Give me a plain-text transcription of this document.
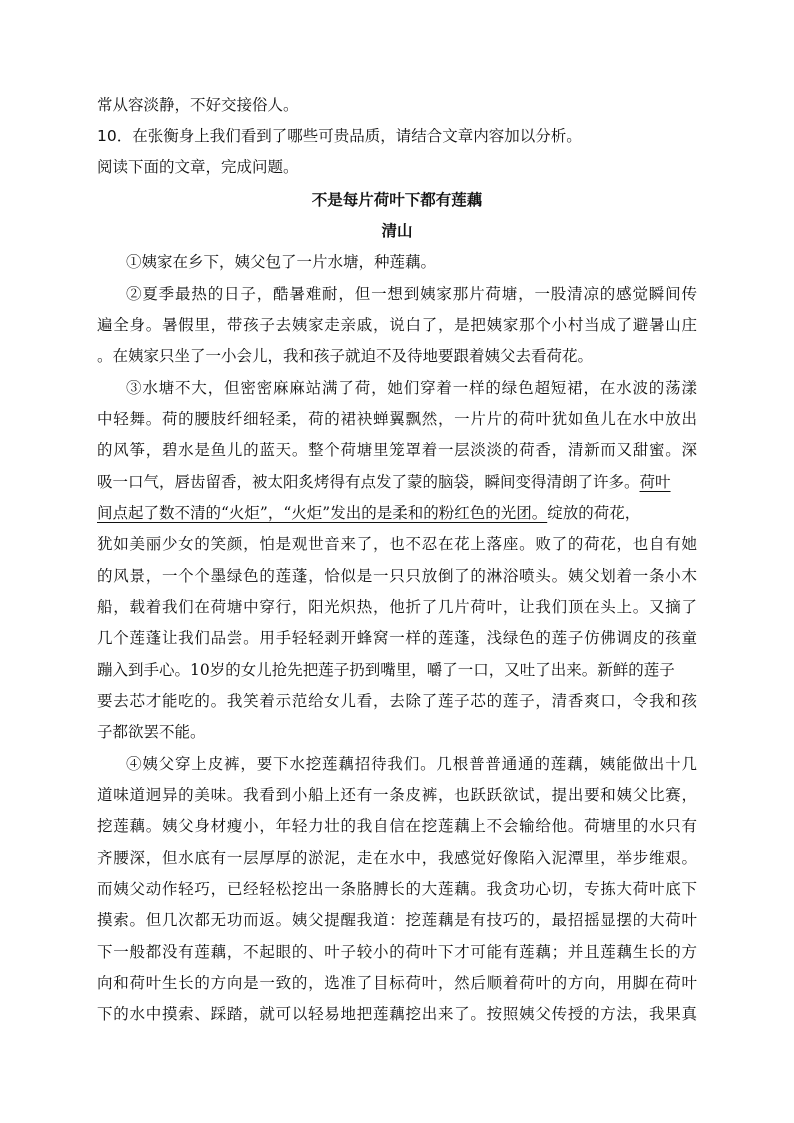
常从容淡静，不好交接俗人。
10．在张衡身上我们看到了哪些可贵品质，请结合文章内容加以分析。
阅读下面的文章，完成问题。
不是每片荷叶下都有莲藕
清山
①姨家在乡下，姨父包了一片水塘，种莲藕。
②夏季最热的日子，酷暑难耐，但一想到姨家那片荷塘，一股清凉的感觉瞬间传
遍全身。暑假里，带孩子去姨家走亲戚，说白了，是把姨家那个小村当成了避暑山庄
。在姨家只坐了一小会儿，我和孩子就迫不及待地要跟着姨父去看荷花。
③水塘不大，但密密麻麻站满了荷，她们穿着一样的绿色超短裙，在水波的荡漾
中轻舞。荷的腰肢纤细轻柔，荷的裙袂蝉翼飘然，一片片的荷叶犹如鱼儿在水中放出
的风筝，碧水是鱼儿的蓝天。整个荷塘里笼罩着一层淡淡的荷香，清新而又甜蜜。深
吸一口气，唇齿留香，被太阳炙烤得有点发了蒙的脑袋，瞬间变得清朗了许多。荷叶
间点起了数不清的“火炬”，“火炬”发出的是柔和的粉红色的光团。绽放的荷花，
犹如美丽少女的笑颜，怕是观世音来了，也不忍在花上落座。败了的荷花，也自有她
的风景，一个个墨绿色的莲蓬，恰似是一只只放倒了的淋浴喷头。姨父划着一条小木
船，载着我们在荷塘中穿行，阳光炽热，他折了几片荷叶，让我们顶在头上。又摘了
几个莲蓬让我们品尝。用手轻轻剥开蜂窝一样的莲蓬，浅绿色的莲子仿佛调皮的孩童
蹦入到手心。10岁的女儿抢先把莲子扔到嘴里，嚼了一口，又吐了出来。新鲜的莲子
要去芯才能吃的。我笑着示范给女儿看，去除了莲子芯的莲子，清香爽口，令我和孩
子都欲罢不能。
④姨父穿上皮裤，要下水挖莲藕招待我们。几根普普通通的莲藕，姨能做出十几
道味道迥异的美味。我看到小船上还有一条皮裤，也跃跃欲试，提出要和姨父比赛，
挖莲藕。姨父身材瘦小，年轻力壮的我自信在挖莲藕上不会输给他。荷塘里的水只有
齐腰深，但水底有一层厚厚的淤泥，走在水中，我感觉好像陷入泥潭里，举步维艰。
而姨父动作轻巧，已经轻松挖出一条胳膊长的大莲藕。我贪功心切，专拣大荷叶底下
摸索。但几次都无功而返。姨父提醒我道：挖莲藕是有技巧的，最招摇显摆的大荷叶
下一般都没有莲藕，不起眼的、叶子较小的荷叶下才可能有莲藕；并且莲藕生长的方
向和荷叶生长的方向是一致的，选准了目标荷叶，然后顺着荷叶的方向，用脚在荷叶
下的水中摸索、踩踏，就可以轻易地把莲藕挖出来了。按照姨父传授的方法，我果真
